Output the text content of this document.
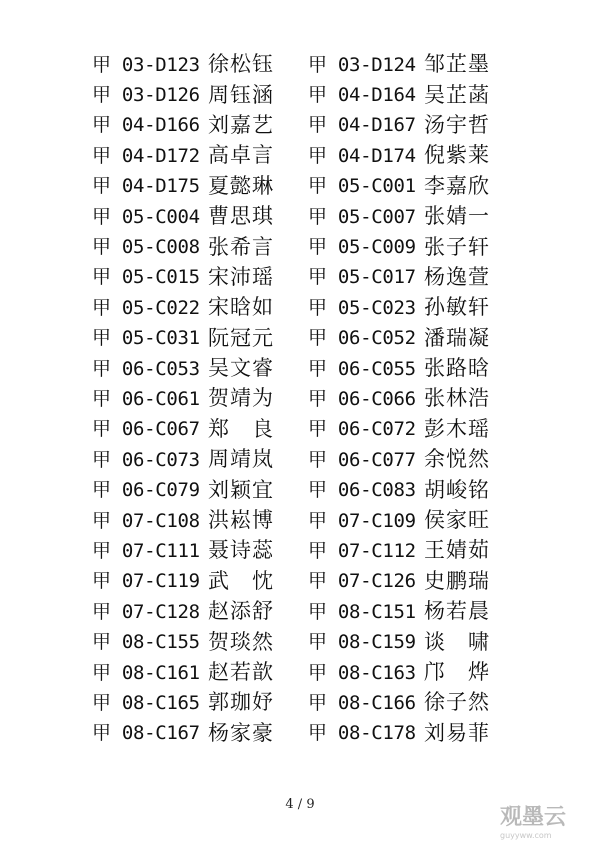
甲 03-D123 徐松钰 甲 03-D124 邹芷墨
甲 03-D126 周钰涵 甲 04-D164 吴芷菡
甲 04-D166 刘嘉艺 甲 04-D167 汤宇哲
甲 04-D172 高卓言 甲 04-D174 倪紫莱
甲 04-D175 夏懿琳 甲 05-C001 李嘉欣
甲 05-C004 曹思琪 甲 05-C007 张婧一
甲 05-C008 张希言 甲 05-C009 张子轩
甲 05-C015 宋沛瑶 甲 05-C017 杨逸萱
甲 05-C022 宋晗如 甲 05-C023 孙敏轩
甲 05-C031 阮冠元 甲 06-C052 潘瑞凝
甲 06-C053 吴文睿 甲 06-C055 张路晗
甲 06-C061 贺靖为 甲 06-C066 张林浩
甲 06-C067 郑　良 甲 06-C072 彭木瑶
甲 06-C073 周靖岚 甲 06-C077 余悦然
甲 06-C079 刘颖宜 甲 06-C083 胡峻铭
甲 07-C108 洪崧博 甲 07-C109 侯家旺
甲 07-C111 聂诗蕊 甲 07-C112 王婧茹
甲 07-C119 武　忱 甲 07-C126 史鹏瑞
甲 07-C128 赵添舒 甲 08-C151 杨若晨
甲 08-C155 贺琰然 甲 08-C159 谈　啸
甲 08-C161 赵若歆 甲 08-C163 邝　烨
甲 08-C165 郭珈妤 甲 08-C166 徐子然
甲 08-C167 杨家豪 甲 08-C178 刘易菲
4 / 9
观墨云
guyyww.com
